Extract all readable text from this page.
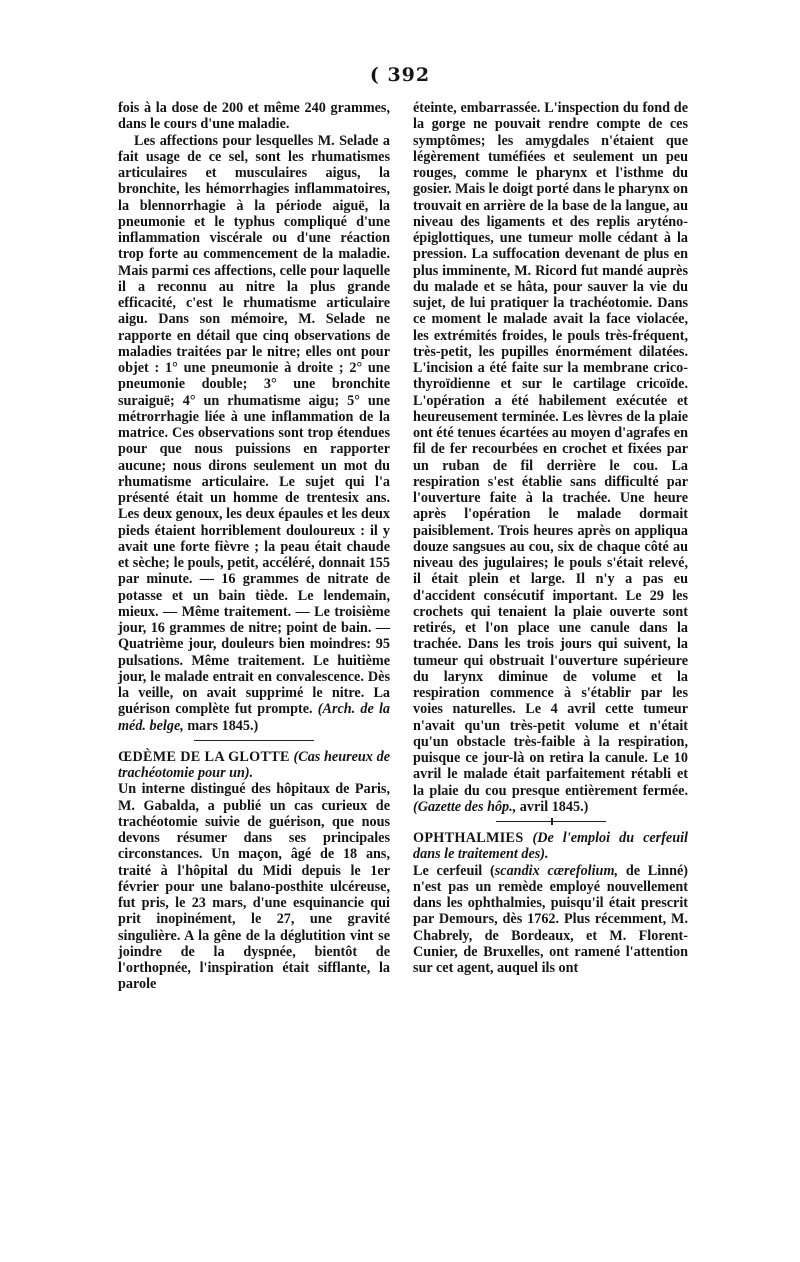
( 392

fois à la dose de 200 et même 240 grammes, dans le cours d'une maladie.

Les affections pour lesquelles M. Selade a fait usage de ce sel, sont les rhumatismes articulaires et musculaires aigus, la bronchite, les hémorrhagies inflammatoires, la blennorrhagie à la période aiguë, la pneumonie et le typhus compliqué d'une inflammation viscérale ou d'une réaction trop forte au commencement de la maladie. Mais parmi ces affections, celle pour laquelle il a reconnu au nitre la plus grande efficacité, c'est le rhumatisme articulaire aigu. Dans son mémoire, M. Selade ne rapporte en détail que cinq observations de maladies traitées par le nitre; elles ont pour objet : 1° une pneumonie à droite ; 2° une pneumonie double; 3° une bronchite suraiguë; 4° un rhumatisme aigu; 5° une métrorrhagie liée à une inflammation de la matrice. Ces observations sont trop étendues pour que nous puissions en rapporter aucune; nous dirons seulement un mot du rhumatisme articulaire. Le sujet qui l'a présenté était un homme de trentesix ans. Les deux genoux, les deux épaules et les deux pieds étaient horriblement douloureux : il y avait une forte fièvre ; la peau était chaude et sèche; le pouls, petit, accéléré, donnait 155 par minute. — 16 grammes de nitrate de potasse et un bain tiède. Le lendemain, mieux. — Même traitement. — Le troisième jour, 16 grammes de nitre; point de bain. — Quatrième jour, douleurs bien moindres: 95 pulsations. Même traitement. Le huitième jour, le malade entrait en convalescence. Dès la veille, on avait supprimé le nitre. La guérison complète fut prompte. (Arch. de la méd. belge, mars 1845.)

ŒDÈME DE LA GLOTTE (Cas heureux de trachéotomie pour un).

Un interne distingué des hôpitaux de Paris, M. Gabalda, a publié un cas curieux de trachéotomie suivie de guérison, que nous devons résumer dans ses principales circonstances. Un maçon, âgé de 18 ans, traité à l'hôpital du Midi depuis le 1er février pour une balano-posthite ulcéreuse, fut pris, le 23 mars, d'une esquinancie qui prit inopinément, le 27, une gravité singulière. A la gêne de la déglutition vint se joindre de la dyspnée, bientôt de l'orthopnée, l'inspiration était sifflante, la parole

éteinte, embarrassée. L'inspection du fond de la gorge ne pouvait rendre compte de ces symptômes; les amygdales n'étaient que légèrement tuméfiées et seulement un peu rouges, comme le pharynx et l'isthme du gosier. Mais le doigt porté dans le pharynx on trouvait en arrière de la base de la langue, au niveau des ligaments et des replis aryténo-épiglottiques, une tumeur molle cédant à la pression. La suffocation devenant de plus en plus imminente, M. Ricord fut mandé auprès du malade et se hâta, pour sauver la vie du sujet, de lui pratiquer la trachéotomie. Dans ce moment le malade avait la face violacée, les extrémités froides, le pouls très-fréquent, très-petit, les pupilles énormément dilatées. L'incision a été faite sur la membrane crico-thyroïdienne et sur le cartilage cricoïde. L'opération a été habilement exécutée et heureusement terminée. Les lèvres de la plaie ont été tenues écartées au moyen d'agrafes en fil de fer recourbées en crochet et fixées par un ruban de fil derrière le cou. La respiration s'est établie sans difficulté par l'ouverture faite à la trachée. Une heure après l'opération le malade dormait paisiblement. Trois heures après on appliqua douze sangsues au cou, six de chaque côté au niveau des jugulaires; le pouls s'était relevé, il était plein et large. Il n'y a pas eu d'accident consécutif important. Le 29 les crochets qui tenaient la plaie ouverte sont retirés, et l'on place une canule dans la trachée. Dans les trois jours qui suivent, la tumeur qui obstruait l'ouverture supérieure du larynx diminue de volume et la respiration commence à s'établir par les voies naturelles. Le 4 avril cette tumeur n'avait qu'un très-petit volume et n'était qu'un obstacle très-faible à la respiration, puisque ce jour-là on retira la canule. Le 10 avril le malade était parfaitement rétabli et la plaie du cou presque entièrement fermée. (Gazette des hôp., avril 1845.)

OPHTHALMIES (De l'emploi du cerfeuil dans le traitement des).

Le cerfeuil (scandix cærefolium, de Linné) n'est pas un remède employé nouvellement dans les ophthalmies, puisqu'il était prescrit par Demours, dès 1762. Plus récemment, M. Chabrely, de Bordeaux, et M. Florent-Cunier, de Bruxelles, ont ramené l'attention sur cet agent, auquel ils ont
